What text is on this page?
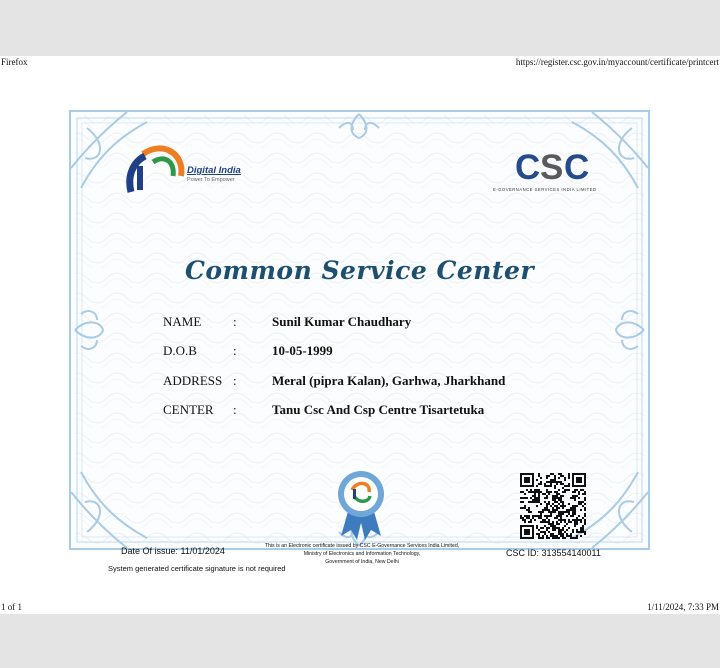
Firefox	https://register.csc.gov.in/myaccount/certificate/printcert
Digital India
Power To Empower	C S C
E-GOVERNANCE SERVICES INDIA LIMITED
Common Service Center
NAME :	Sunil Kumar Chaudhary
D.O.B	:	10-05-1999
ADDRESS :	Meral (pipra Kalan), Garhwa, Jharkhand
CENTER :	Tanu Csc And Csp Centre Tisartetuka
Date Of issue: 11/01/2024
System generated certificate signature is not required
This is an Electronic certificate issued by CSC E-Governance Services India Limited,
Ministry of Electronics and Information Technology,
Government of India, New Delhi
CSC ID: 313554140011
1 of 1	1/11/2024, 7:33 PM
